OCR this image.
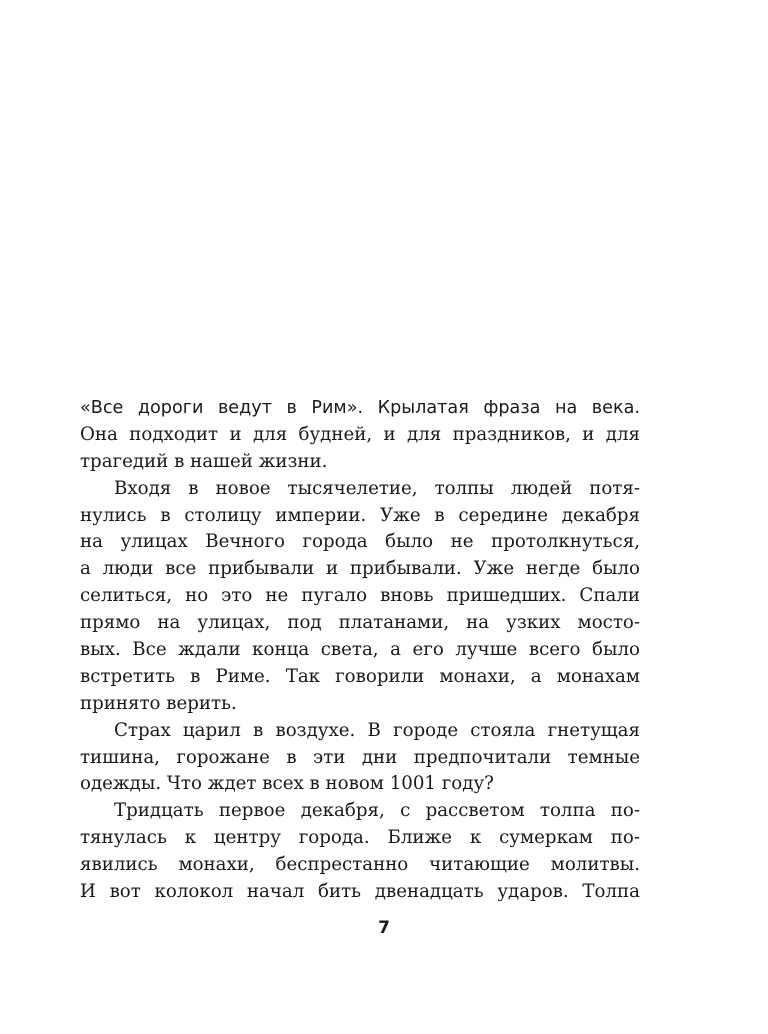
«Все дороги ведут в Рим». Крылатая фраза на века.
Она подходит и для будней, и для праздников, и для
трагедий в нашей жизни.
Входя в новое тысячелетие, толпы людей потя-
нулись в столицу империи. Уже в середине декабря
на улицах Вечного города было не протолкнуться,
а люди все прибывали и прибывали. Уже негде было
селиться, но это не пугало вновь пришедших. Спали
прямо на улицах, под платанами, на узких мосто-
вых. Все ждали конца света, а его лучше всего было
встретить в Риме. Так говорили монахи, а монахам
принято верить.
Страх царил в воздухе. В городе стояла гнетущая
тишина, горожане в эти дни предпочитали темные
одежды. Что ждет всех в новом 1001 году?
Тридцать первое декабря, с рассветом толпа по-
тянулась к центру города. Ближе к сумеркам по-
явились монахи, беспрестанно читающие молитвы.
И вот колокол начал бить двенадцать ударов. Толпа
7
